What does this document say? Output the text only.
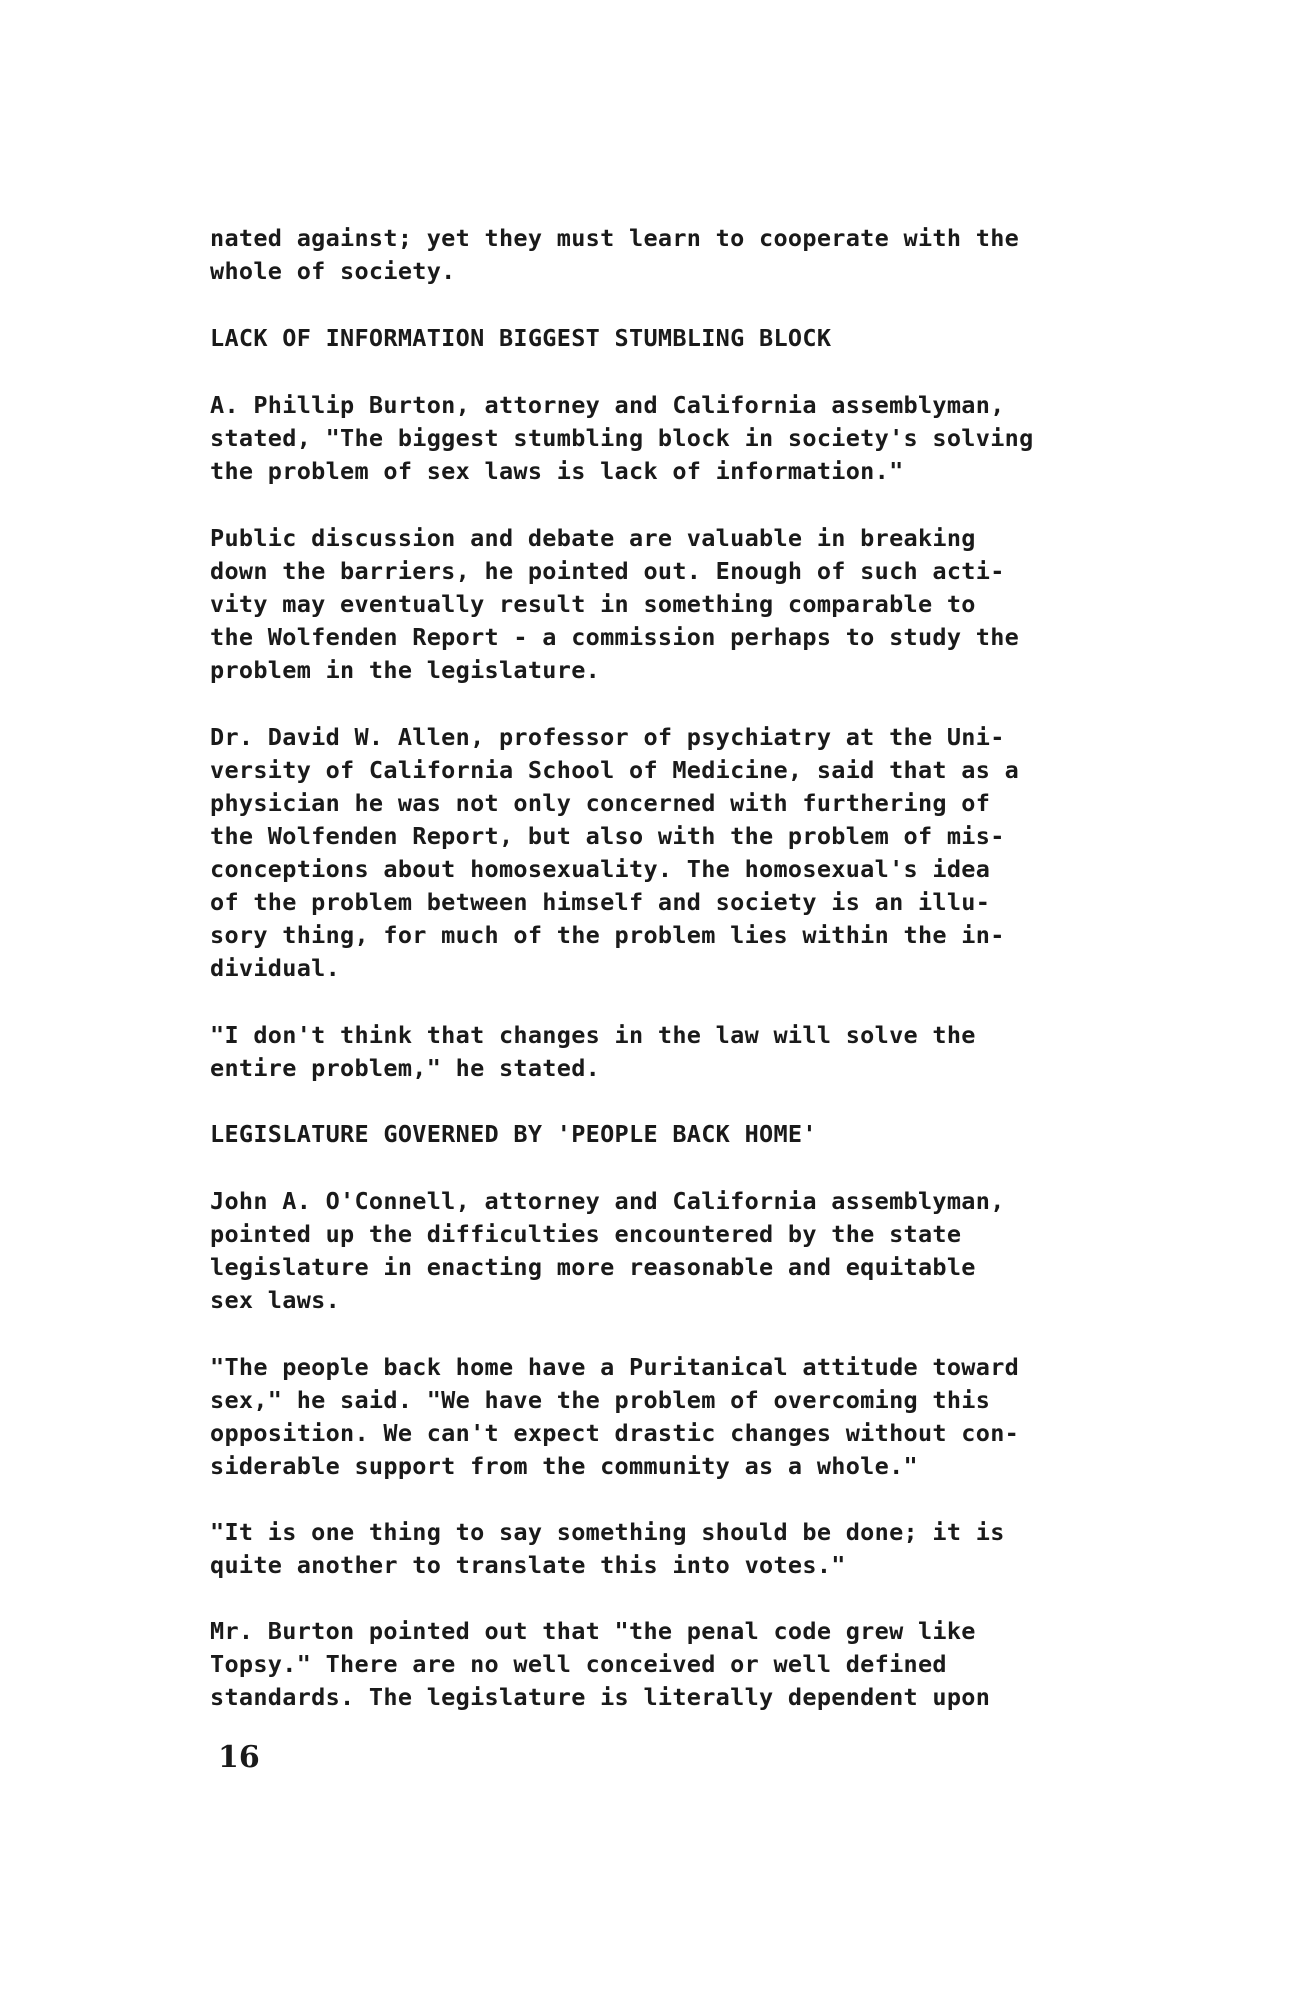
nated against; yet they must learn to cooperate with the
whole of society.
LACK OF INFORMATION BIGGEST STUMBLING BLOCK
A. Phillip Burton, attorney and California assemblyman,
stated, "The biggest stumbling block in society's solving
the problem of sex laws is lack of information."
Public discussion and debate are valuable in breaking
down the barriers, he pointed out. Enough of such acti-
vity may eventually result in something comparable to
the Wolfenden Report - a commission perhaps to study the
problem in the legislature.
Dr. David W. Allen, professor of psychiatry at the Uni-
versity of California School of Medicine, said that as a
physician he was not only concerned with furthering of
the Wolfenden Report, but also with the problem of mis-
conceptions about homosexuality. The homosexual's idea
of the problem between himself and society is an illu-
sory thing, for much of the problem lies within the in-
dividual.
"I don't think that changes in the law will solve the
entire problem," he stated.
LEGISLATURE GOVERNED BY 'PEOPLE BACK HOME'
John A. O'Connell, attorney and California assemblyman,
pointed up the difficulties encountered by the state
legislature in enacting more reasonable and equitable
sex laws.
"The people back home have a Puritanical attitude toward
sex," he said. "We have the problem of overcoming this
opposition. We can't expect drastic changes without con-
siderable support from the community as a whole."
"It is one thing to say something should be done; it is
quite another to translate this into votes."
Mr. Burton pointed out that "the penal code grew like
Topsy." There are no well conceived or well defined
standards. The legislature is literally dependent upon
16
